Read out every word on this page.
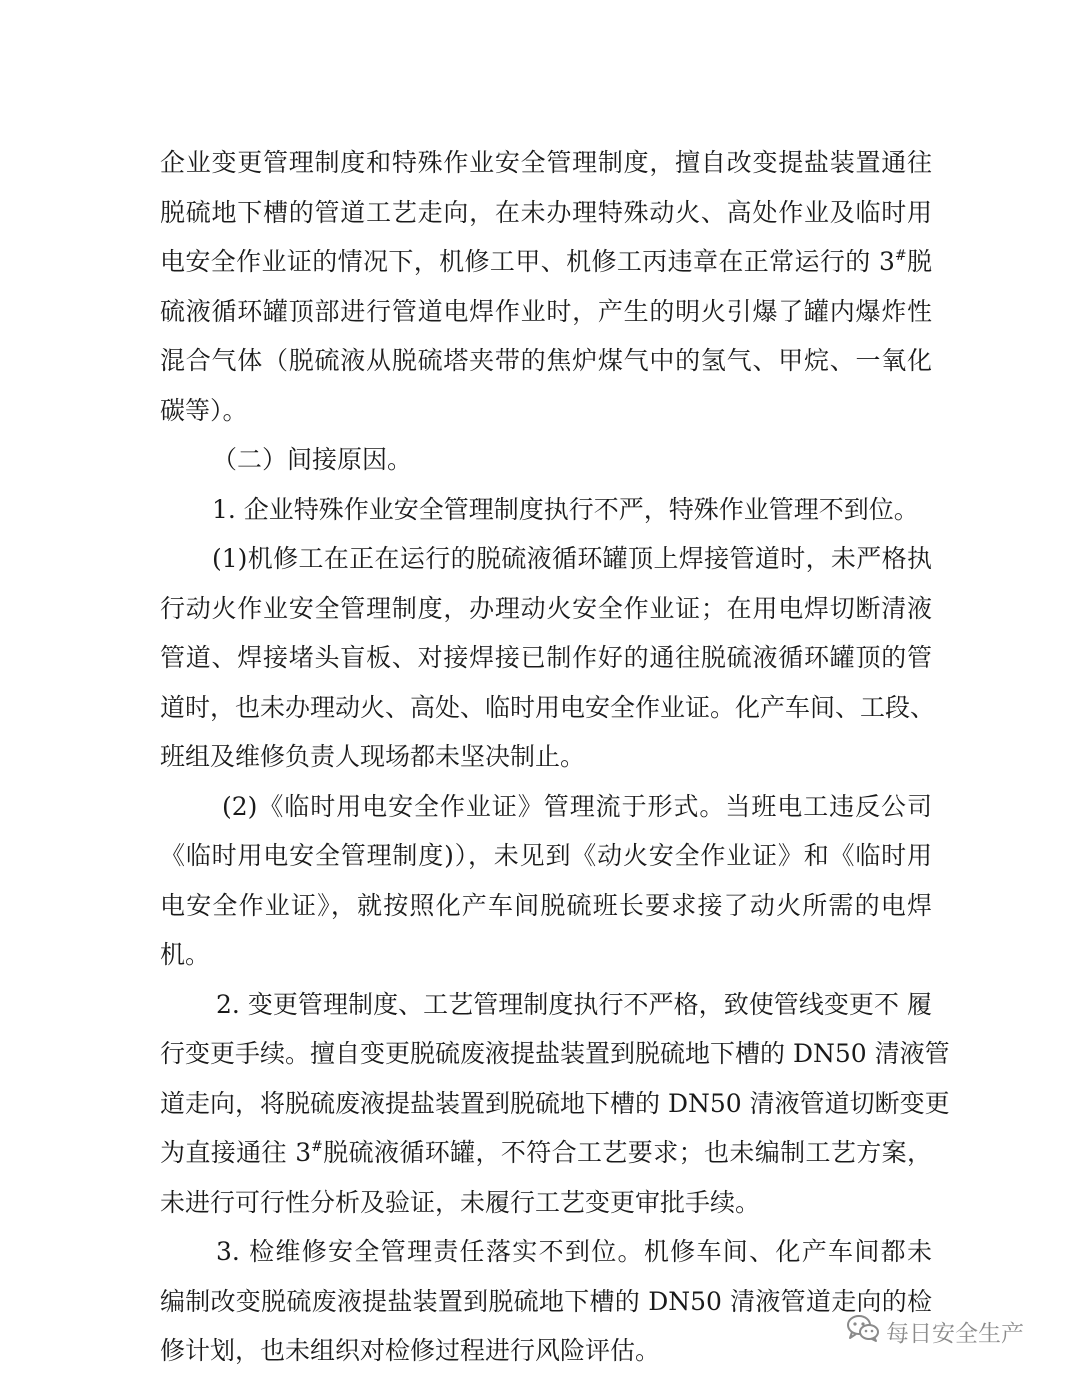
企业变更管理制度和特殊作业安全管理制度，擅自改变提盐装置通往
脱硫地下槽的管道工艺走向，在未办理特殊动火、高处作业及临时用
电安全作业证的情况下，机修工甲、机修工丙违章在正常运行的 3#脱
硫液循环罐顶部进行管道电焊作业时，产生的明火引爆了罐内爆炸性
混合气体（脱硫液从脱硫塔夹带的焦炉煤气中的氢气、甲烷、一氧化
碳等）。
（二）间接原因。
1. 企业特殊作业安全管理制度执行不严，特殊作业管理不到位。
(1)机修工在正在运行的脱硫液循环罐顶上焊接管道时，未严格执
行动火作业安全管理制度，办理动火安全作业证；在用电焊切断清液
管道、焊接堵头盲板、对接焊接已制作好的通往脱硫液循环罐顶的管
道时，也未办理动火、高处、临时用电安全作业证。化产车间、工段、
班组及维修负责人现场都未坚决制止。
(2)《临时用电安全作业证》管理流于形式。当班电工违反公司
《临时用电安全管理制度)），未见到《动火安全作业证》和《临时用
电安全作业证》，就按照化产车间脱硫班长要求接了动火所需的电焊
机。
2. 变更管理制度、工艺管理制度执行不严格，致使管线变更不 履
行变更手续。擅自变更脱硫废液提盐装置到脱硫地下槽的 DN50 清液管
道走向，将脱硫废液提盐装置到脱硫地下槽的 DN50 清液管道切断变更
为直接通往 3#脱硫液循环罐，不符合工艺要求；也未编制工艺方案，
未进行可行性分析及验证，未履行工艺变更审批手续。
3. 检维修安全管理责任落实不到位。机修车间、化产车间都未
编制改变脱硫废液提盐装置到脱硫地下槽的 DN50 清液管道走向的检
修计划，也未组织对检修过程进行风险评估。
每日安全生产
